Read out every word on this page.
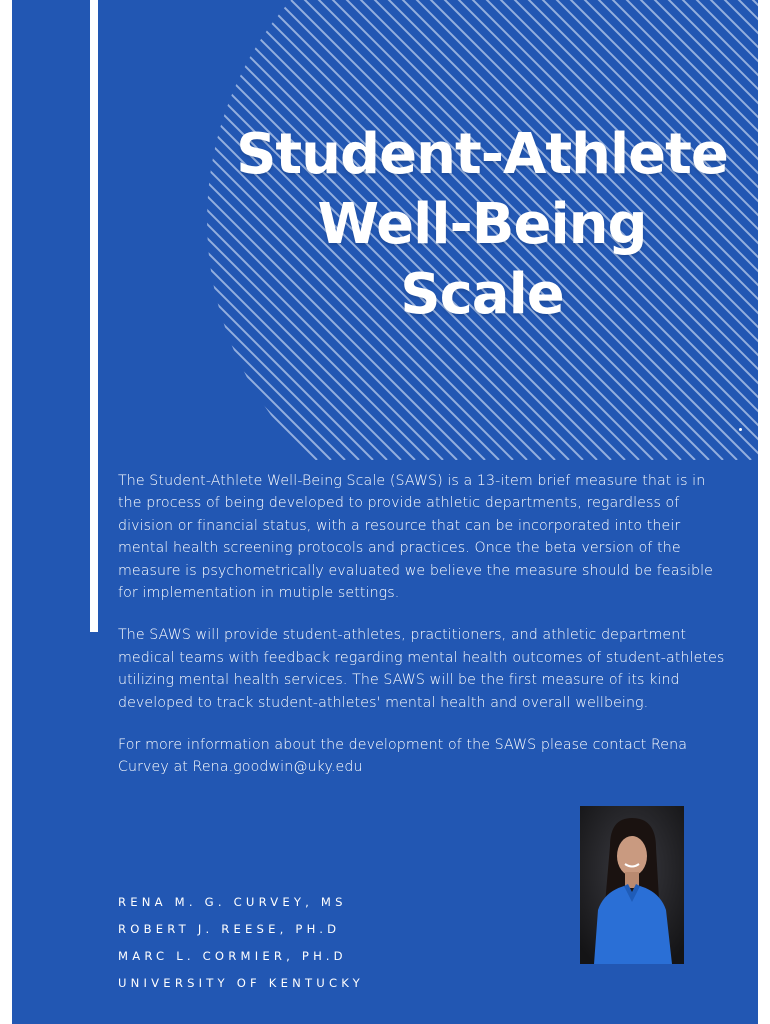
Student-Athlete
Well-Being
Scale

The Student-Athlete Well-Being Scale (SAWS) is a 13-item brief measure that is in the process of being developed to provide athletic departments, regardless of division or financial status, with a resource that can be incorporated into their mental health screening protocols and practices. Once the beta version of the measure is psychometrically evaluated we believe the measure should be feasible for implementation in mutiple settings.

The SAWS will provide student-athletes, practitioners, and athletic department medical teams with feedback regarding mental health outcomes of student-athletes utilizing mental health services. The SAWS will be the first measure of its kind developed to track student-athletes' mental health and overall wellbeing.

For more information about the development of the SAWS please contact Rena Curvey at Rena.goodwin@uky.edu

RENA M. G. CURVEY, MS
ROBERT J. REESE, PH.D
MARC L. CORMIER, PH.D
UNIVERSITY OF KENTUCKY
